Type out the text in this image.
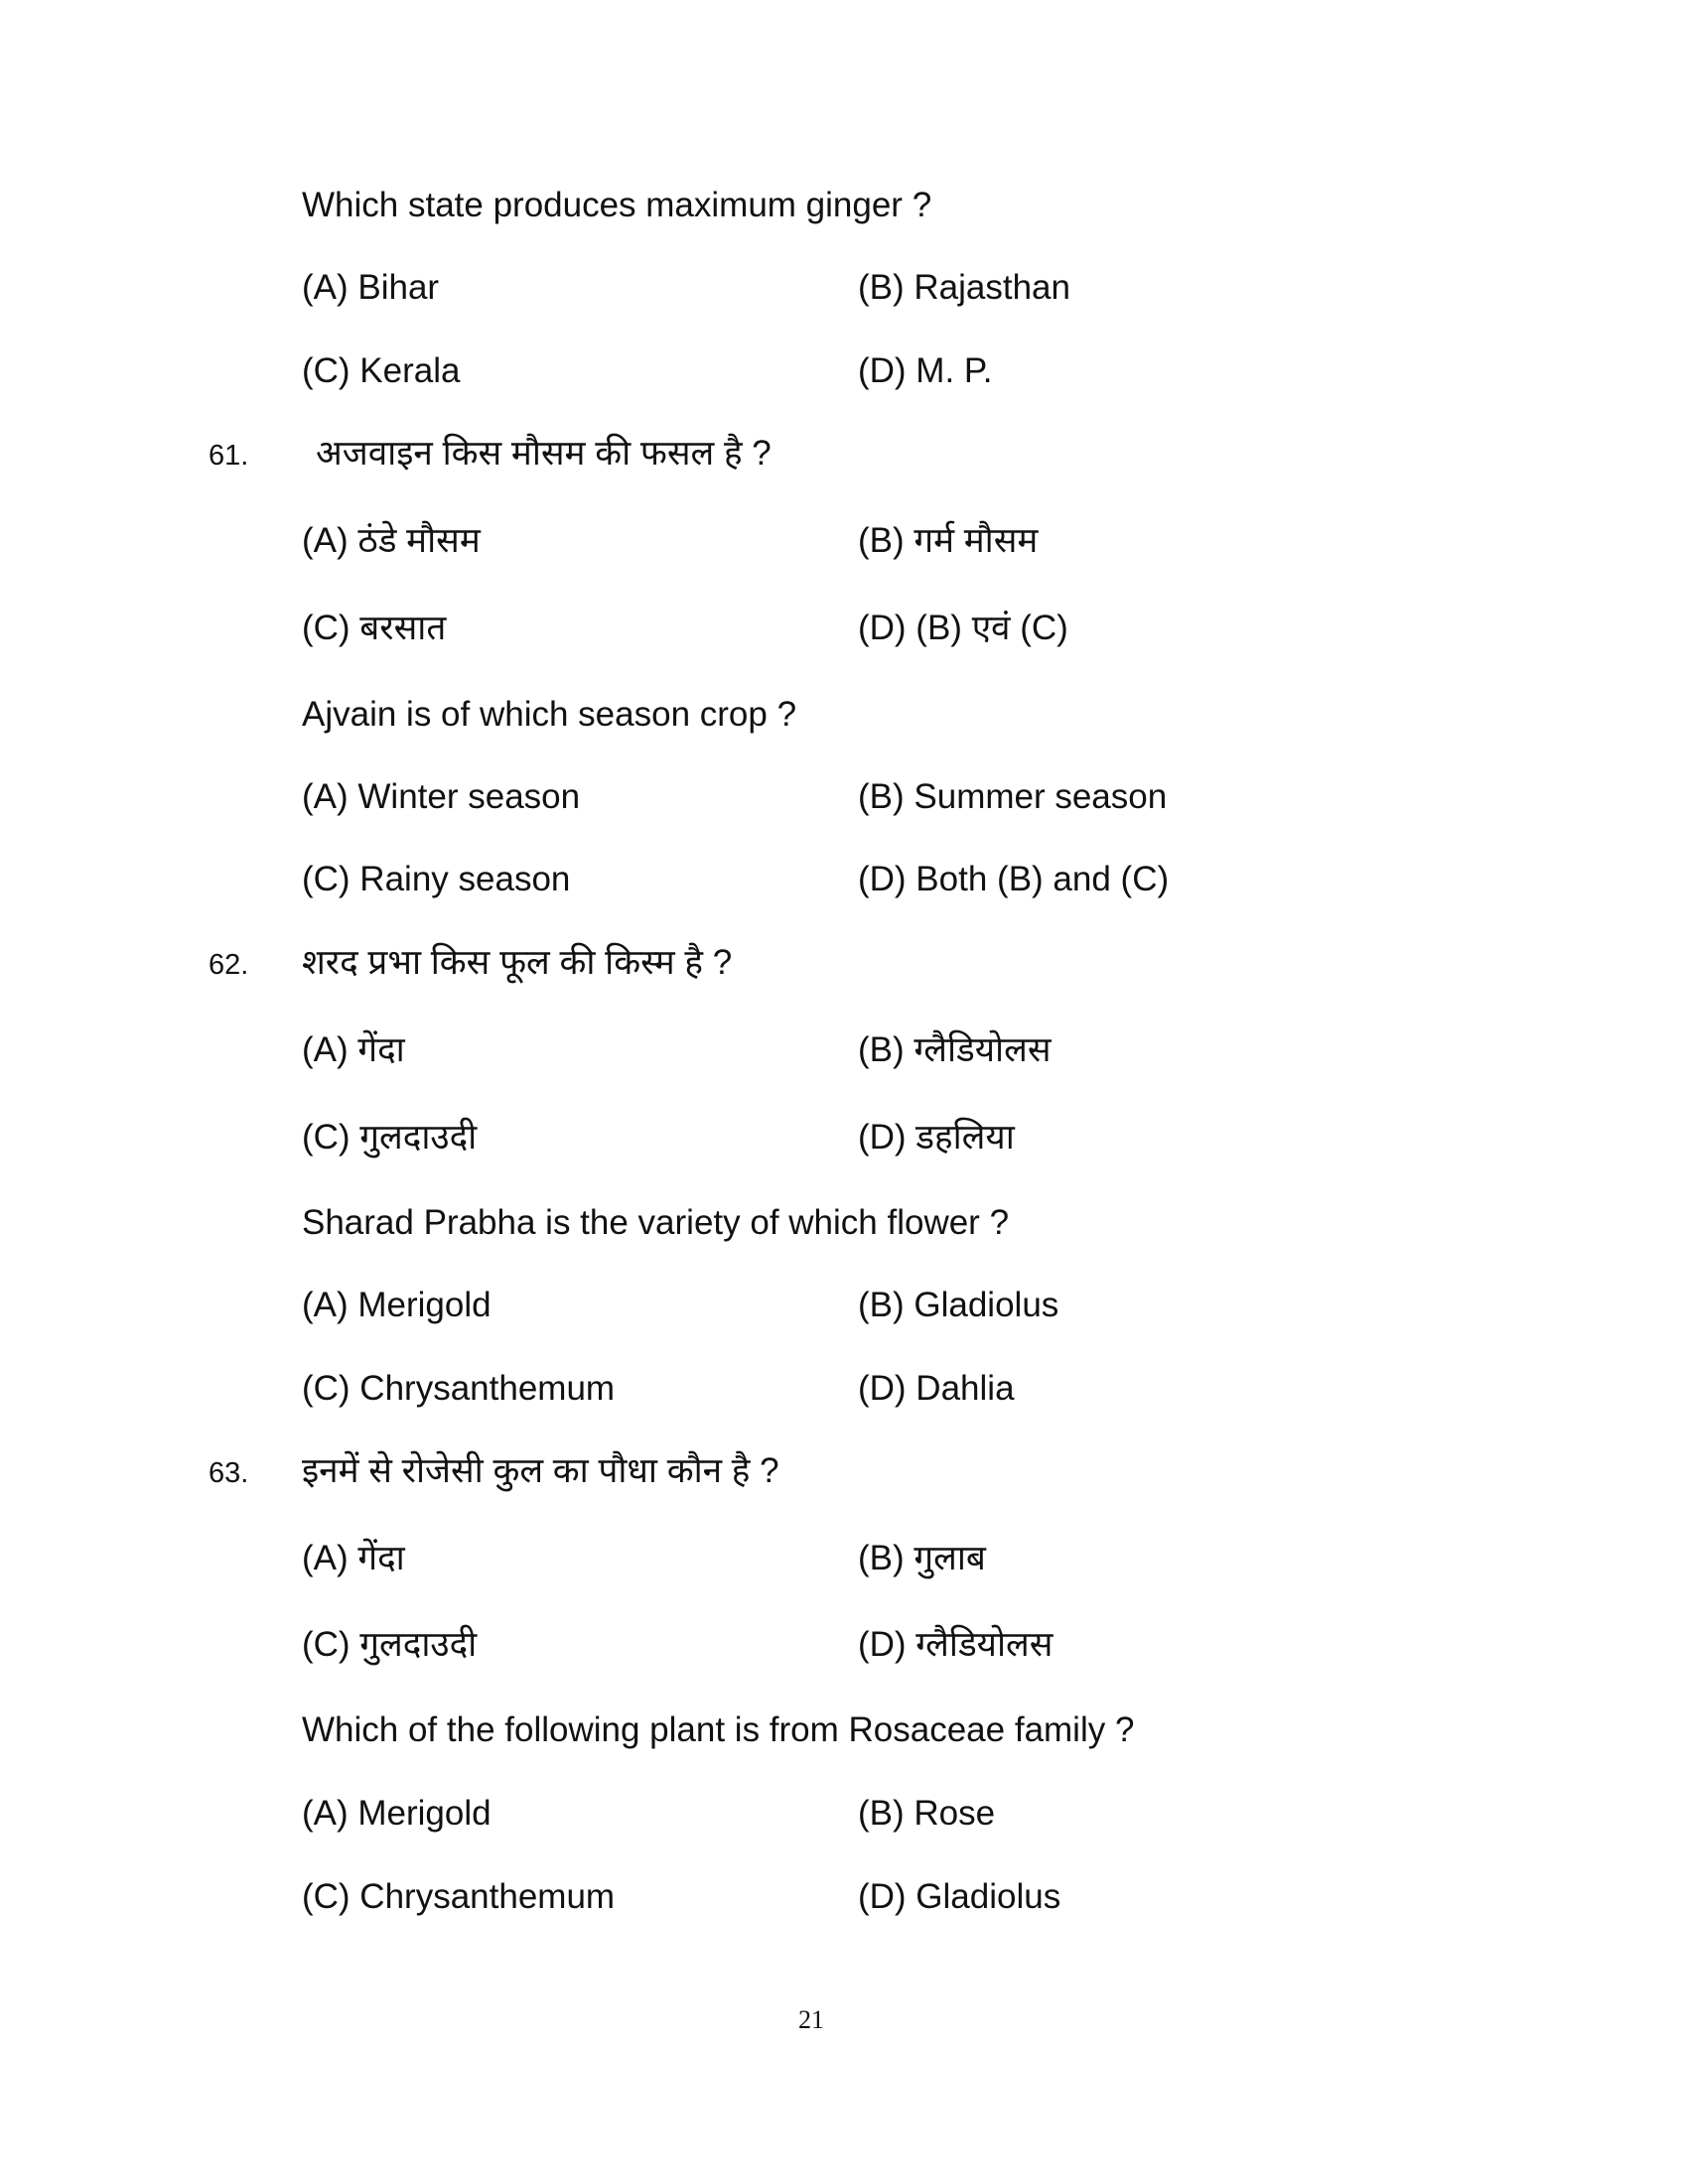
Which state produces maximum ginger ?
(A) Bihar	(B) Rajasthan
(C) Kerala	(D) M. P.
61. अजवाइन किस मौसम की फसल है ?
(A) ठंडे मौसम	(B) गर्म मौसम
(C) बरसात	(D) (B) एवं (C)
Ajvain is of which season crop ?
(A) Winter season	(B) Summer season
(C) Rainy season	(D) Both (B) and (C)
62. शरद प्रभा किस फूल की किस्म है ?
(A) गेंदा	(B) ग्लैडियोलस
(C) गुलदाउदी	(D) डहलिया
Sharad Prabha is the variety of which flower ?
(A) Merigold	(B) Gladiolus
(C) Chrysanthemum	(D) Dahlia
63. इनमें से रोजेसी कुल का पौधा कौन है ?
(A) गेंदा	(B) गुलाब
(C) गुलदाउदी	(D) ग्लैडियोलस
Which of the following plant is from Rosaceae family ?
(A) Merigold	(B) Rose
(C) Chrysanthemum	(D) Gladiolus
21
